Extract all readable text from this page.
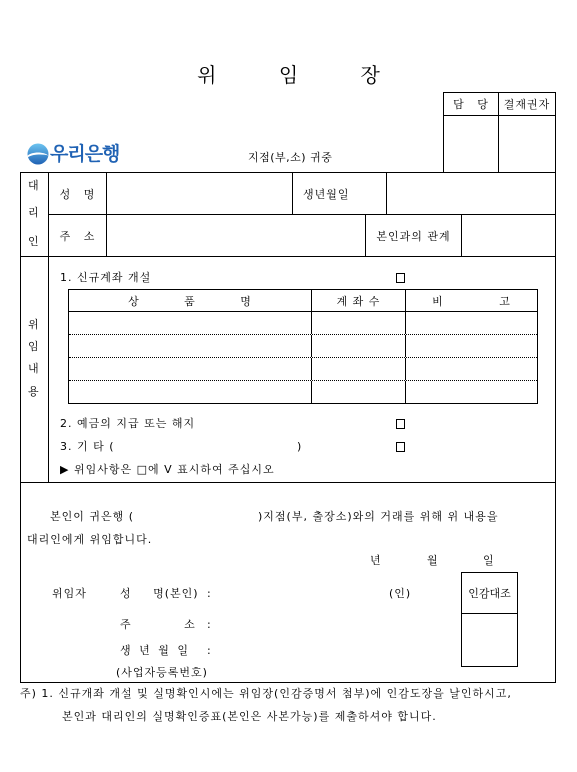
위 임 장
담 당	결재권자
우리은행	지점(부,소) 귀중
대
리
인
성 명	생년월일
주 소	본인과의 관계
위
임
내
용
1. 신규계좌 개설
상 품 명	계 좌 수	비 고
2. 예금의 지급 또는 해지
3. 기 타 (	)
▶ 위임사항은 □에 V 표시하여 주십시오
본인이 귀은행 (	)지점(부, 출장소)와의 거래를 위해 위 내용을
대리인에게 위임합니다.
년	월	일
위임자	성 명(본인) :	(인)
주 소 :
생 년 월 일 :
(사업자등록번호)
인감대조
주) 1. 신규개좌 개설 및 실명확인시에는 위임장(인감증명서 첨부)에 인감도장을 날인하시고,
본인과 대리인의 실명확인증표(본인은 사본가능)를 제출하셔야 합니다.
